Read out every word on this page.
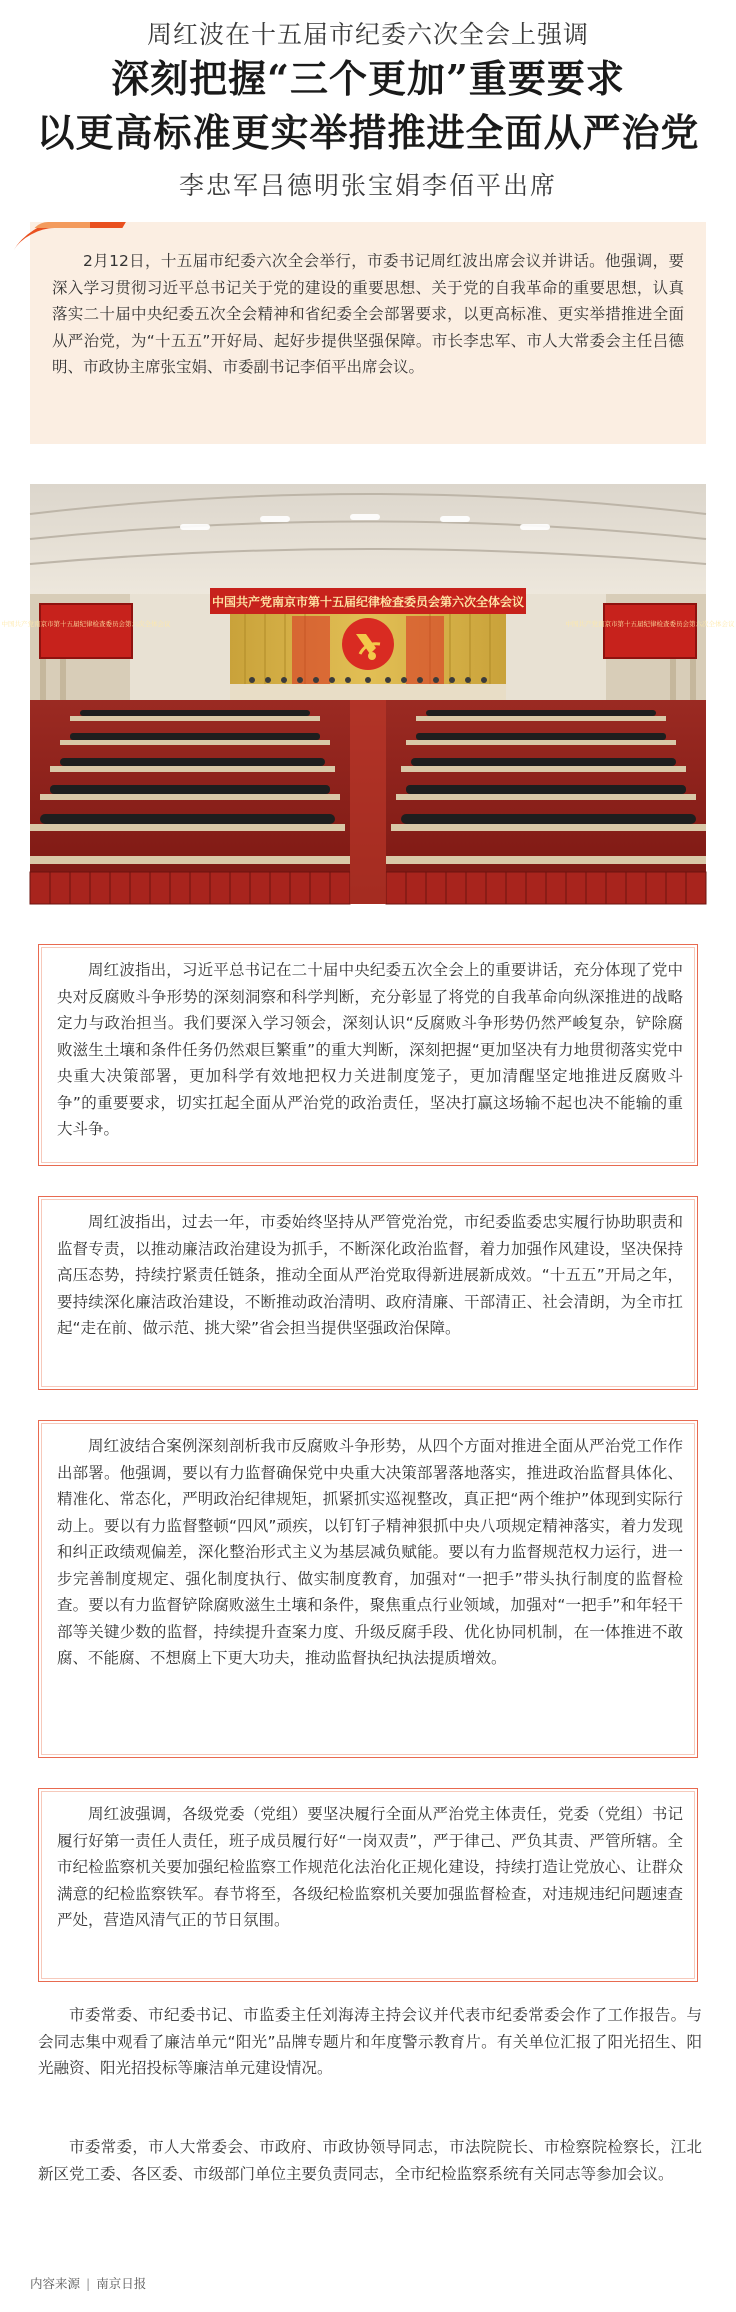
周红波在十五届市纪委六次全会上强调
深刻把握“三个更加”重要要求
以更高标准更实举措推进全面从严治党
李忠军吕德明张宝娟李佰平出席

2月12日，十五届市纪委六次全会举行，市委书记周红波出席会议并讲话。他强调，要深入学习贯彻习近平总书记关于党的建设的重要思想、关于党的自我革命的重要思想，认真落实二十届中央纪委五次全会精神和省纪委全会部署要求，以更高标准、更实举措推进全面从严治党，为“十五五”开好局、起好步提供坚强保障。市长李忠军、市人大常委会主任吕德明、市政协主席张宝娟、市委副书记李佰平出席会议。

中国共产党南京市第十五届纪律检查委员会第六次全体会议	中国共产党南京市第十五届纪律检查委员会第六次全体会议
中国共产党南京市第十五届纪律检查委员会第六次全体会议

周红波指出，习近平总书记在二十届中央纪委五次全会上的重要讲话，充分体现了党中央对反腐败斗争形势的深刻洞察和科学判断，充分彰显了将党的自我革命向纵深推进的战略定力与政治担当。我们要深入学习领会，深刻认识“反腐败斗争形势仍然严峻复杂，铲除腐败滋生土壤和条件任务仍然艰巨繁重”的重大判断，深刻把握“更加坚决有力地贯彻落实党中央重大决策部署，更加科学有效地把权力关进制度笼子，更加清醒坚定地推进反腐败斗争”的重要要求，切实扛起全面从严治党的政治责任，坚决打赢这场输不起也决不能输的重大斗争。

周红波指出，过去一年，市委始终坚持从严管党治党，市纪委监委忠实履行协助职责和监督专责，以推动廉洁政治建设为抓手，不断深化政治监督，着力加强作风建设，坚决保持高压态势，持续拧紧责任链条，推动全面从严治党取得新进展新成效。“十五五”开局之年，要持续深化廉洁政治建设，不断推动政治清明、政府清廉、干部清正、社会清朗，为全市扛起“走在前、做示范、挑大梁”省会担当提供坚强政治保障。

周红波结合案例深刻剖析我市反腐败斗争形势，从四个方面对推进全面从严治党工作作出部署。他强调，要以有力监督确保党中央重大决策部署落地落实，推进政治监督具体化、精准化、常态化，严明政治纪律规矩，抓紧抓实巡视整改，真正把“两个维护”体现到实际行动上。要以有力监督整顿“四风”顽疾，以钉钉子精神狠抓中央八项规定精神落实，着力发现和纠正政绩观偏差，深化整治形式主义为基层减负赋能。要以有力监督规范权力运行，进一步完善制度规定、强化制度执行、做实制度教育，加强对“一把手”带头执行制度的监督检查。要以有力监督铲除腐败滋生土壤和条件，聚焦重点行业领域，加强对“一把手”和年轻干部等关键少数的监督，持续提升查案力度、升级反腐手段、优化协同机制，在一体推进不敢腐、不能腐、不想腐上下更大功夫，推动监督执纪执法提质增效。

周红波强调，各级党委（党组）要坚决履行全面从严治党主体责任，党委（党组）书记履行好第一责任人责任，班子成员履行好“一岗双责”，严于律己、严负其责、严管所辖。全市纪检监察机关要加强纪检监察工作规范化法治化正规化建设，持续打造让党放心、让群众满意的纪检监察铁军。春节将至，各级纪检监察机关要加强监督检查，对违规违纪问题速查严处，营造风清气正的节日氛围。

市委常委、市纪委书记、市监委主任刘海涛主持会议并代表市纪委常委会作了工作报告。与会同志集中观看了廉洁单元“阳光”品牌专题片和年度警示教育片。有关单位汇报了阳光招生、阳光融资、阳光招投标等廉洁单元建设情况。

市委常委，市人大常委会、市政府、市政协领导同志，市法院院长、市检察院检察长，江北新区党工委、各区委、市级部门单位主要负责同志，全市纪检监察系统有关同志等参加会议。

内容来源 | 南京日报
